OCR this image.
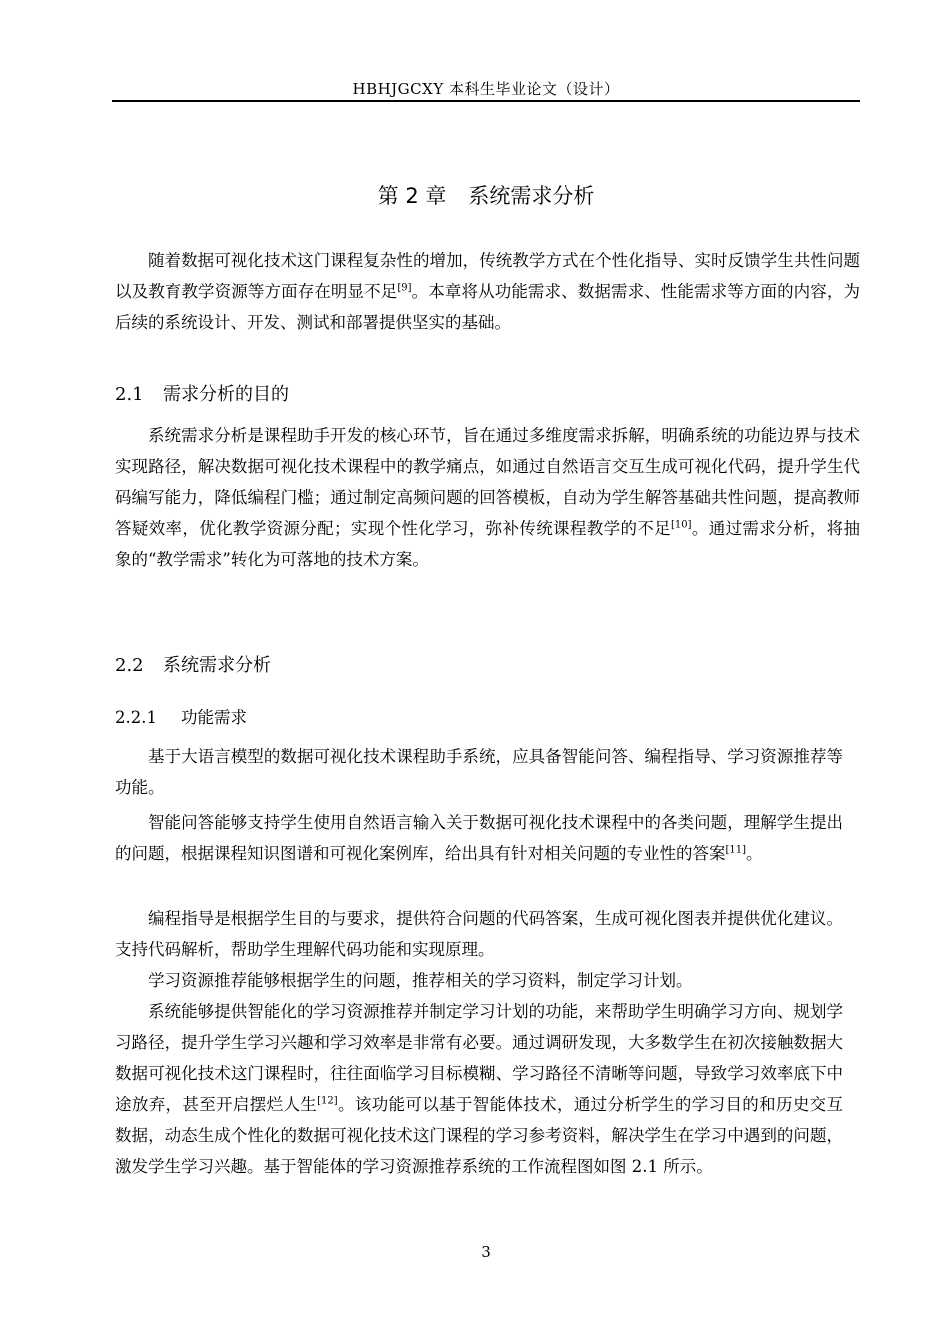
HBHJGCXY 本科生毕业论文（设计）
第 2 章 系统需求分析

随着数据可视化技术这门课程复杂性的增加，传统教学方式在个性化指导、实时反馈学生共性问题以及教育教学资源等方面存在明显不足[9]。本章将从功能需求、数据需求、性能需求等方面的内容，为后续的系统设计、开发、测试和部署提供坚实的基础。

2.1 需求分析的目的

系统需求分析是课程助手开发的核心环节，旨在通过多维度需求拆解，明确系统的功能边界与技术实现路径，解决数据可视化技术课程中的教学痛点，如通过自然语言交互生成可视化代码，提升学生代码编写能力，降低编程门槛；通过制定高频问题的回答模板，自动为学生解答基础共性问题，提高教师答疑效率，优化教学资源分配；实现个性化学习，弥补传统课程教学的不足[10]。通过需求分析，将抽象的“教学需求”转化为可落地的技术方案。

2.2 系统需求分析
2.2.1 功能需求

基于大语言模型的数据可视化技术课程助手系统，应具备智能问答、编程指导、学习资源推荐等功能。

智能问答能够支持学生使用自然语言输入关于数据可视化技术课程中的各类问题，理解学生提出的问题，根据课程知识图谱和可视化案例库，给出具有针对相关问题的专业性的答案[11]。

编程指导是根据学生目的与要求，提供符合问题的代码答案，生成可视化图表并提供优化建议。支持代码解析，帮助学生理解代码功能和实现原理。

学习资源推荐能够根据学生的问题，推荐相关的学习资料，制定学习计划。

系统能够提供智能化的学习资源推荐并制定学习计划的功能，来帮助学生明确学习方向、规划学习路径，提升学生学习兴趣和学习效率是非常有必要。通过调研发现，大多数学生在初次接触数据大数据可视化技术这门课程时，往往面临学习目标模糊、学习路径不清晰等问题，导致学习效率底下中途放弃，甚至开启摆烂人生[12]。该功能可以基于智能体技术，通过分析学生的学习目的和历史交互数据，动态生成个性化的数据可视化技术这门课程的学习参考资料，解决学生在学习中遇到的问题，激发学生学习兴趣。基于智能体的学习资源推荐系统的工作流程图如图 2.1 所示。

3
